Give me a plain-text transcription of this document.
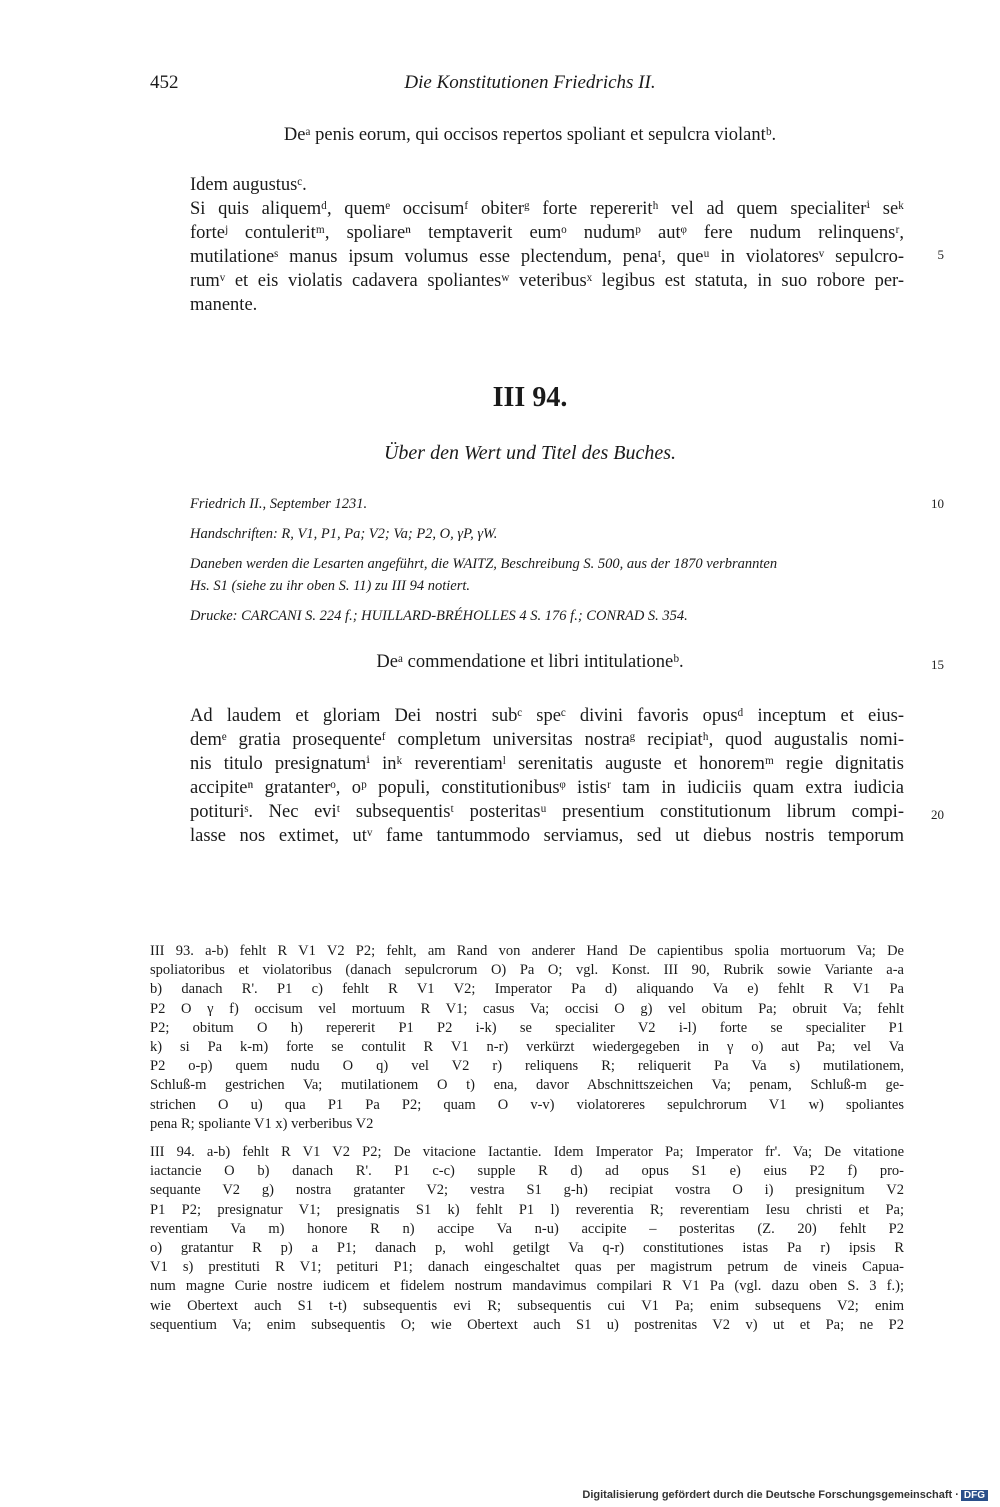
452	Die Konstitutionen Friedrichs II.
Deᵃ penis eorum, qui occisos repertos spoliant et sepulcra violantᵇ.
Idem augustusᶜ.
Si quis aliquemᵈ, quemᵉ occisumᶠ obiterᵍ forte repereritʰ vel ad quem specialiterⁱ seᵏ
forteʲ contuleritᵐ, spoliareⁿ temptaverit eumᵒ nudumᵖ autᵠ fere nudum relinquensʳ,
mutilationeˢ manus ipsum volumus esse plectendum, penaᵗ, queᵘ in violatoresᵛ sepulcro-
rumᵛ et eis violatis cadavera spoliantesʷ veteribusˣ legibus est statuta, in suo robore per-
manente.
5
III 94.
Über den Wert und Titel des Buches.
Friedrich II., September 1231.
Handschriften: R, V1, P1, Pa; V2; Va; P2, O, γP, γW.
Daneben werden die Lesarten angeführt, die WAITZ, Beschreibung S. 500, aus der 1870 verbrannten
Hs. S1 (siehe zu ihr oben S. 11) zu III 94 notiert.
Drucke: CARCANI S. 224 f.; HUILLARD-BRÉHOLLES 4 S. 176 f.; CONRAD S. 354.
10
Deᵃ commendatione et libri intitulationeᵇ.	15
Ad laudem et gloriam Dei nostri subᶜ speᶜ divini favoris opusᵈ inceptum et eius-
demᵉ gratia prosequenteᶠ completum universitas nostraᵍ recipiatʰ, quod augustalis nomi-
nis titulo presignatumⁱ inᵏ reverentiamˡ serenitatis auguste et honoremᵐ regie dignitatis
accipiteⁿ gratanterᵒ, oᵖ populi, constitutionibusᵠ istisʳ tam in iudiciis quam extra iudicia
potituriˢ. Nec eviᵗ subsequentisᵗ posteritasᵘ presentium constitutionum librum compi-
lasse nos extimet, utᵛ fame tantummodo serviamus, sed ut diebus nostris temporum
20
III 93. a-b) fehlt R V1 V2 P2; fehlt, am Rand von anderer Hand De capientibus spolia mortuorum Va; De
spoliatoribus et violatoribus (danach sepulcrorum O) Pa O; vgl. Konst. III 90, Rubrik sowie Variante a-a
b) danach R'. P1 c) fehlt R V1 V2; Imperator Pa d) aliquando Va e) fehlt R V1 Pa
P2 O γ f) occisum vel mortuum R V1; casus Va; occisi O g) vel obitum Pa; obruit Va; fehlt
P2; obitum O h) repererit P1 P2 i-k) se specialiter V2 i-l) forte se specialiter P1
k) si Pa k-m) forte se contulit R V1 n-r) verkürzt wiedergegeben in γ o) aut Pa; vel Va
P2 o-p) quem nudu O q) vel V2 r) reliquens R; reliquerit Pa Va s) mutilationem,
Schluß-m gestrichen Va; mutilationem O t) ena, davor Abschnittszeichen Va; penam, Schluß-m ge-
strichen O u) qua P1 Pa P2; quam O v-v) violatoreres sepulchrorum V1 w) spoliantes
pena R; spoliante V1 x) verberibus V2
III 94. a-b) fehlt R V1 V2 P2; De vitacione Iactantie. Idem Imperator Pa; Imperator fr'. Va; De vitatione
iactancie O b) danach R'. P1 c-c) supple R d) ad opus S1 e) eius P2 f) pro-
sequante V2 g) nostra gratanter V2; vestra S1 g-h) recipiat vostra O i) presignitum V2
P1 P2; presignatur V1; presignatis S1 k) fehlt P1 l) reverentia R; reverentiam Iesu christi et Pa;
reventiam Va m) honore R n) accipe Va n-u) accipite – posteritas (Z. 20) fehlt P2
o) gratantur R p) a P1; danach p, wohl getilgt Va q-r) constitutiones istas Pa r) ipsis R
V1 s) prestituti R V1; petituri P1; danach eingeschaltet quas per magistrum petrum de vineis Capua-
num magne Curie nostre iudicem et fidelem nostrum mandavimus compilari R V1 Pa (vgl. dazu oben S. 3 f.);
wie Obertext auch S1 t-t) subsequentis evi R; subsequentis cui V1 Pa; enim subsequens V2; enim
sequentium Va; enim subsequentis O; wie Obertext auch S1 u) postrenitas V2 v) ut et Pa; ne P2
Digitalisierung gefördert durch die Deutsche Forschungsgemeinschaft · DFG
